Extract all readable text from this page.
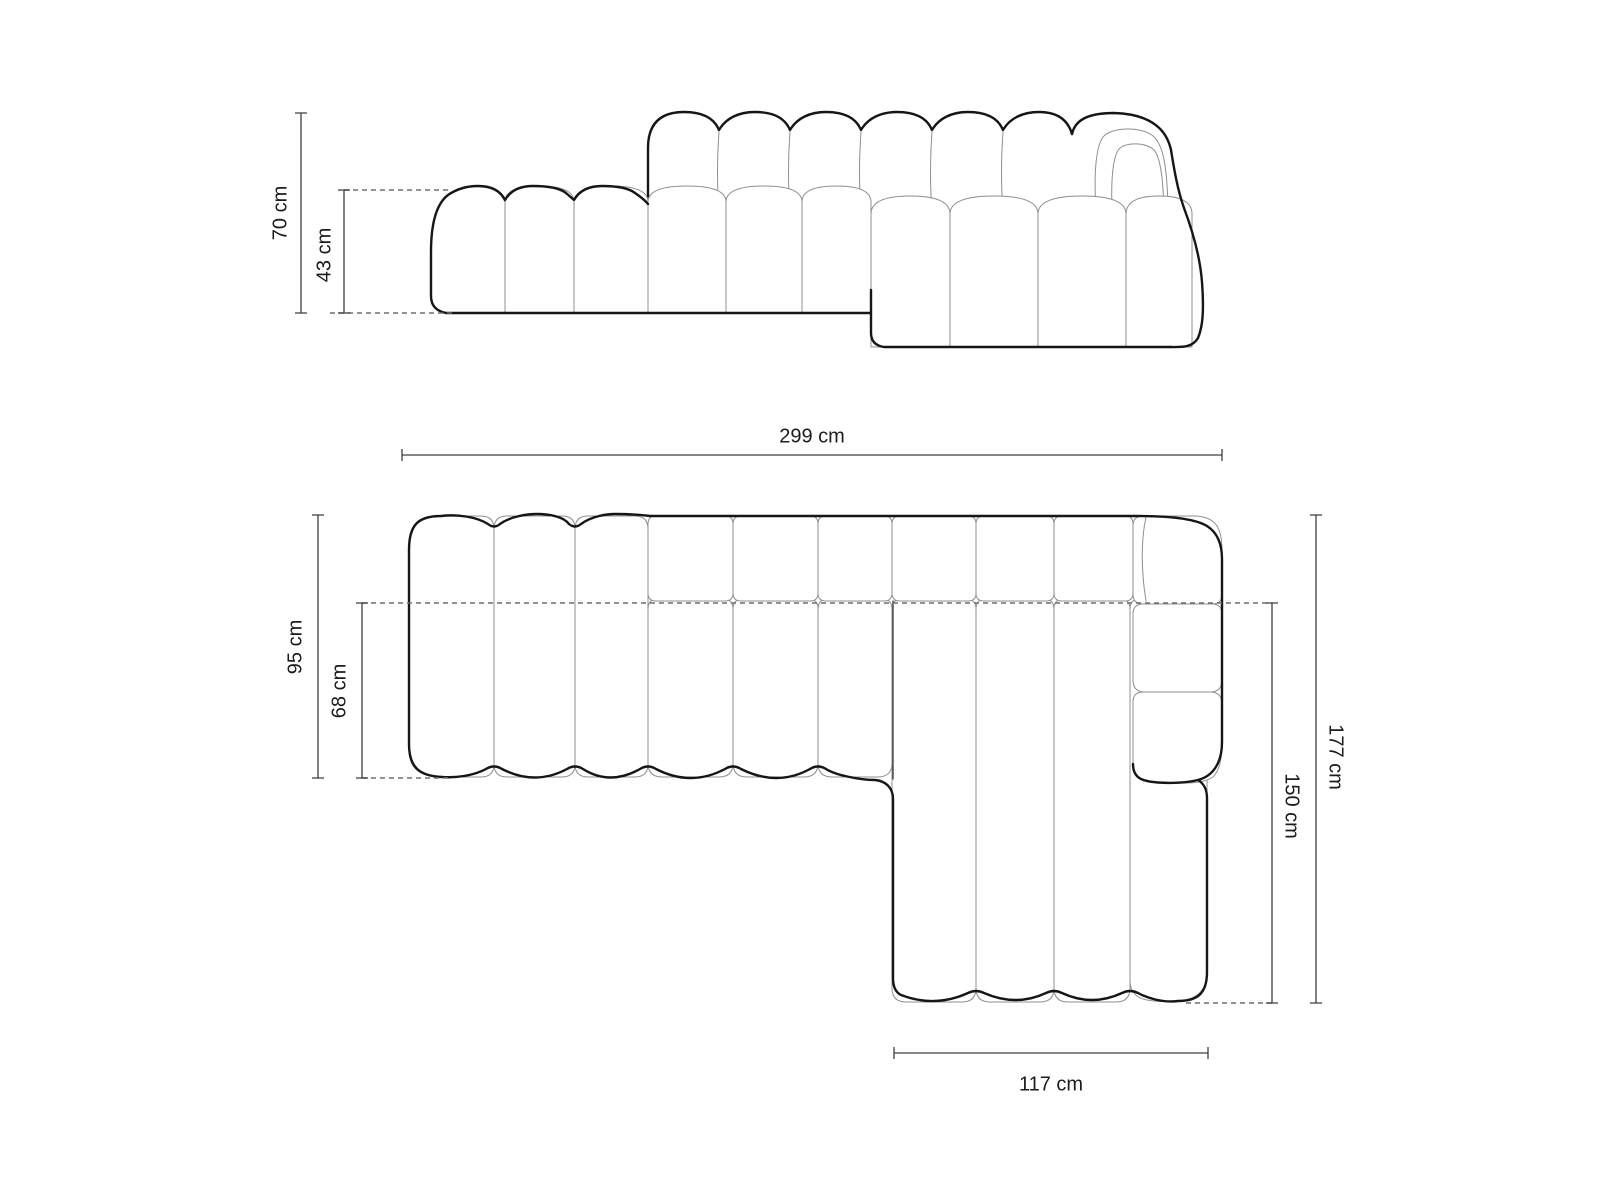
70 cm
43 cm
299 cm
95 cm
68 cm
177 cm
150 cm
117 cm
